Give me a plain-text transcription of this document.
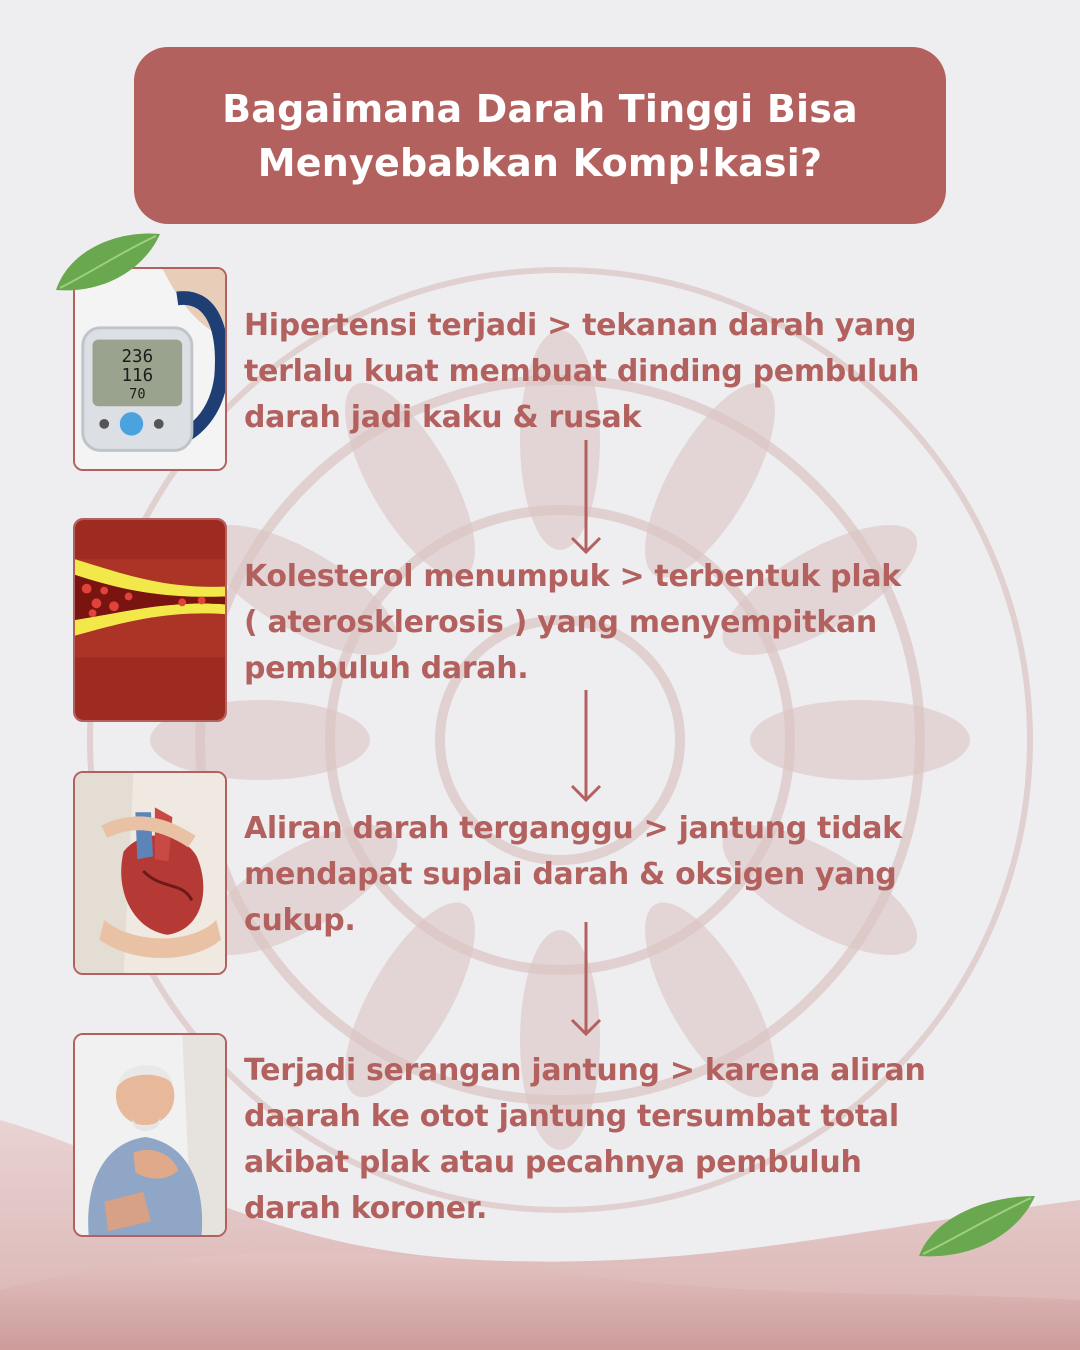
Bagaimana Darah Tinggi Bisa
Menyebabkan Komp!kasi?
236
116
70
Hipertensi terjadi > tekanan darah yang
terlalu kuat membuat dinding pembuluh
darah jadi kaku & rusak
Kolesterol menumpuk > terbentuk plak
( aterosklerosis ) yang menyempitkan
pembuluh darah.
Aliran darah terganggu > jantung tidak
mendapat suplai darah & oksigen yang
cukup.
Terjadi serangan jantung > karena aliran
daarah ke otot jantung tersumbat total
akibat plak atau pecahnya pembuluh
darah koroner.
